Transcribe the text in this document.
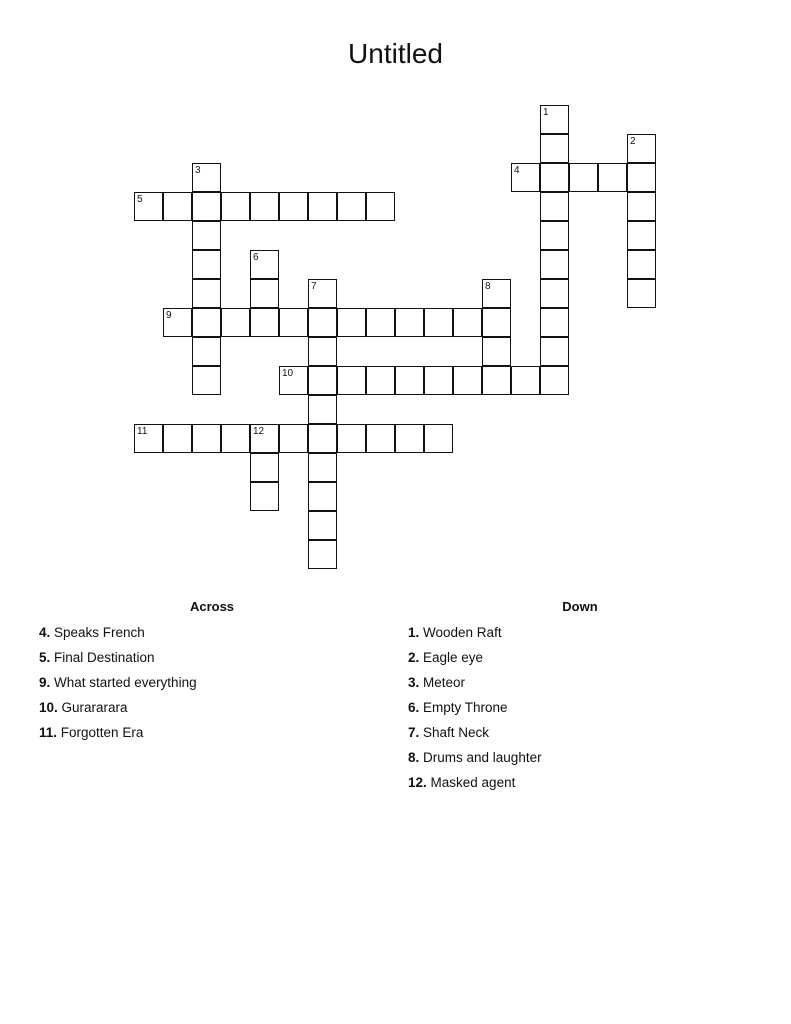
Untitled
1
2
3	4
5
6
7	8
9
10
11	12
Across	Down
4. Speaks French
5. Final Destination
9. What started everything
10. Gurararara
11. Forgotten Era
1. Wooden Raft
2. Eagle eye
3. Meteor
6. Empty Throne
7. Shaft Neck
8. Drums and laughter
12. Masked agent
